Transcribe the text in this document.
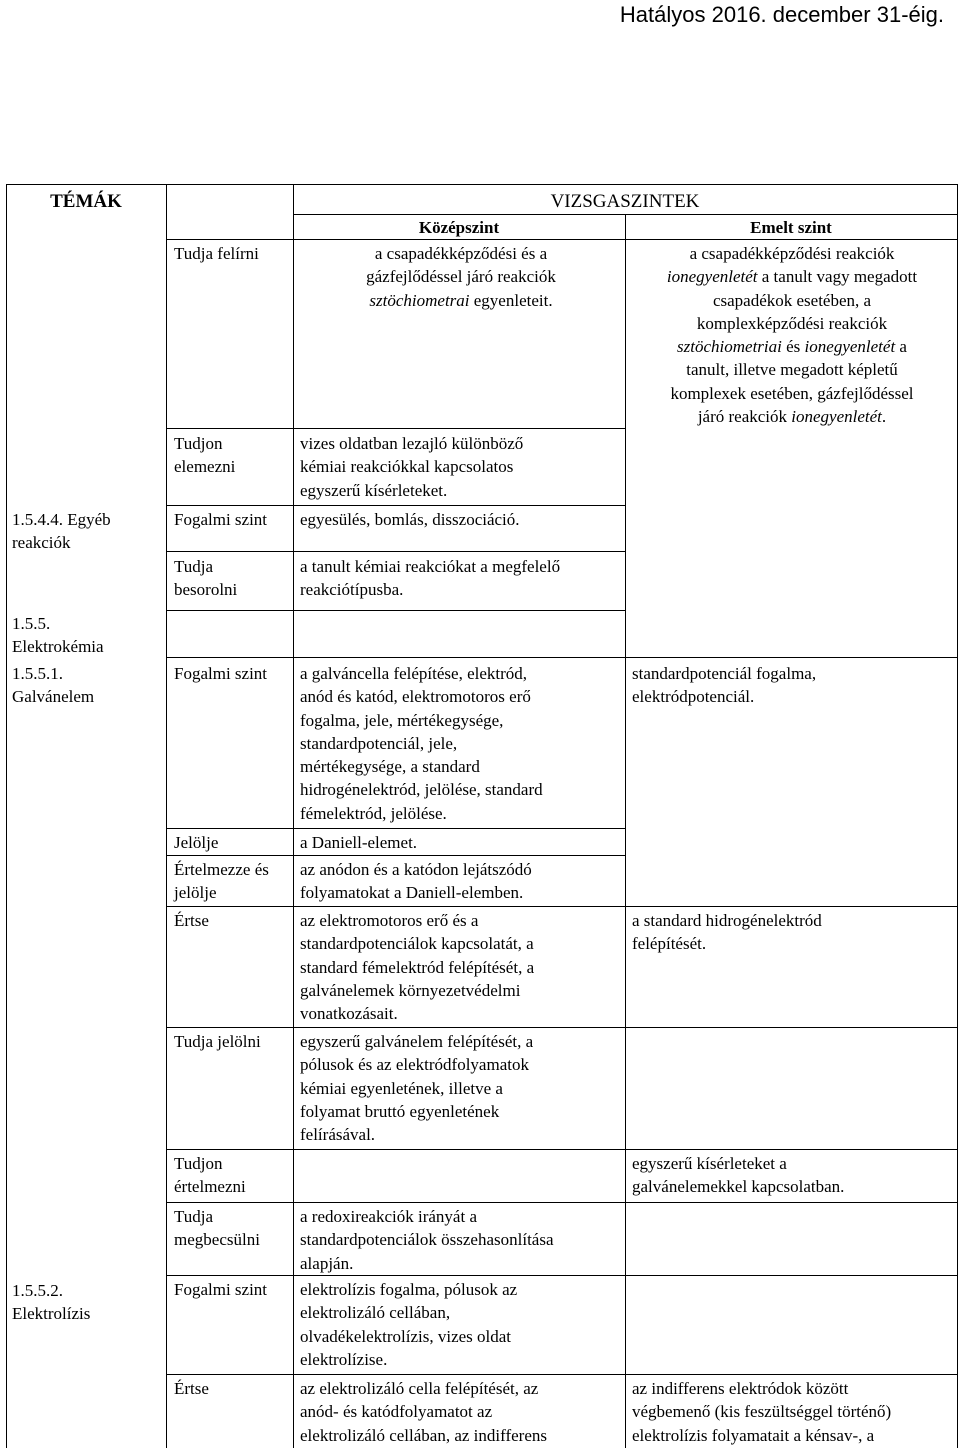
Hatályos 2016. december 31-éig.
TÉMÁK	VIZSGASZINTEK
Középszint	Emelt szint
1.5.4.4. Egyéb
reakciók
1.5.5.
Elektrokémia
1.5.5.1.
Galvánelem
1.5.5.2.
Elektrolízis
Tudja felírni
Tudjon
elemezni
Fogalmi szint
Tudja
besorolni
Fogalmi szint
Jelölje
Értelmezze és
jelölje
Értse
Tudja jelölni
Tudjon
értelmezni
Tudja
megbecsülni
Fogalmi szint
Értse
a csapadékképződési és a
gázfejlődéssel járó reakciók
sztöchiometrai egyenleteit.
vizes oldatban lezajló különböző
kémiai reakciókkal kapcsolatos
egyszerű kísérleteket.
egyesülés, bomlás, disszociáció.
a tanult kémiai reakciókat a megfelelő
reakciótípusba.
a galváncella felépítése, elektród,
anód és katód, elektromotoros erő
fogalma, jele, mértékegysége,
standardpotenciál, jele,
mértékegysége, a standard
hidrogénelektród, jelölése, standard
fémelektród, jelölése.
a Daniell-elemet.
az anódon és a katódon lejátszódó
folyamatokat a Daniell-elemben.
az elektromotoros erő és a
standardpotenciálok kapcsolatát, a
standard fémelektród felépítését, a
galvánelemek környezetvédelmi
vonatkozásait.
egyszerű galvánelem felépítését, a
pólusok és az elektródfolyamatok
kémiai egyenletének, illetve a
folyamat bruttó egyenletének
felírásával.
a redoxireakciók irányát a
standardpotenciálok összehasonlítása
alapján.
elektrolízis fogalma, pólusok az
elektrolizáló cellában,
olvadékelektrolízis, vizes oldat
elektrolízise.
az elektrolizáló cella felépítését, az
anód- és katódfolyamatot az
elektrolizáló cellában, az indifferens
a csapadékképződési reakciók
ionegyenletét a tanult vagy megadott
csapadékok esetében, a
komplexképződési reakciók
sztöchiometriai és ionegyenletét a
tanult, illetve megadott képletű
komplexek esetében, gázfejlődéssel
járó reakciók ionegyenletét.
standardpotenciál fogalma,
elektródpotenciál.
a standard hidrogénelektród
felépítését.
egyszerű kísérleteket a
galvánelemekkel kapcsolatban.
az indifferens elektródok között
végbemenő (kis feszültséggel történő)
elektrolízis folyamatait a kénsav-, a
